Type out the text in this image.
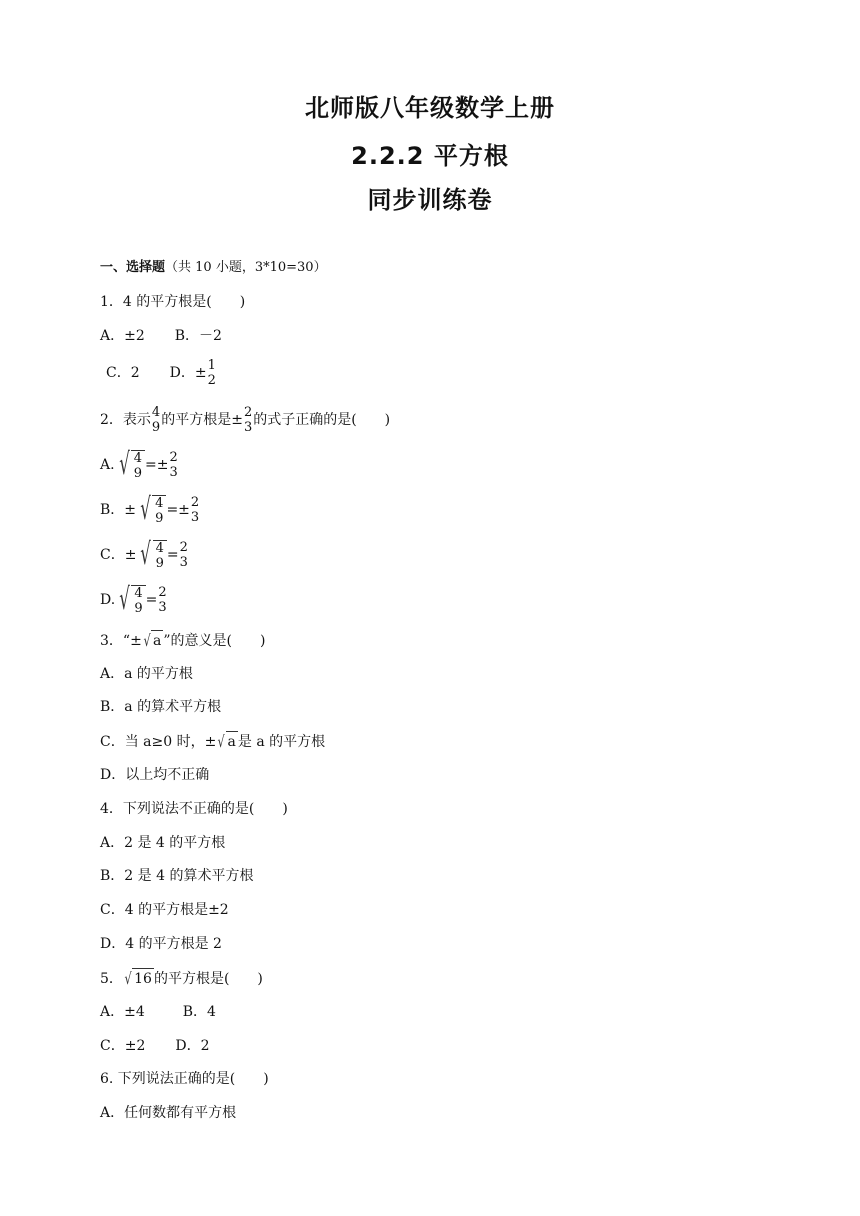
北师版八年级数学上册
2.2.2 平方根
同步训练卷
一、选择题 （共 10 小题，3*10=30）
1．4 的平方根是(　　)
A．±2 B．－2
C．2 D．± 1
2
2．表示 4
9 的平方根是± 2
3 的式子正确的是(　　)
A. √ 4
9 =± 2
3
B．± √ 4
9 =± 2
3
C．± √ 4
9 = 2
3
D. √ 4
9 = 2
3
3．“± √ a ”的意义是(　　)
A．a 的平方根
B．a 的算术平方根
C．当 a≥0 时，± √ a 是 a 的平方根
D．以上均不正确
4．下列说法不正确的是(　　)
A．2 是 4 的平方根
B．2 是 4 的算术平方根
C．4 的平方根是±2
D．4 的平方根是 2
5． √ 16 的平方根是(　　)
A．±4	B．4
C．±2 D．2
6. 下列说法正确的是(　　)
A．任何数都有平方根
